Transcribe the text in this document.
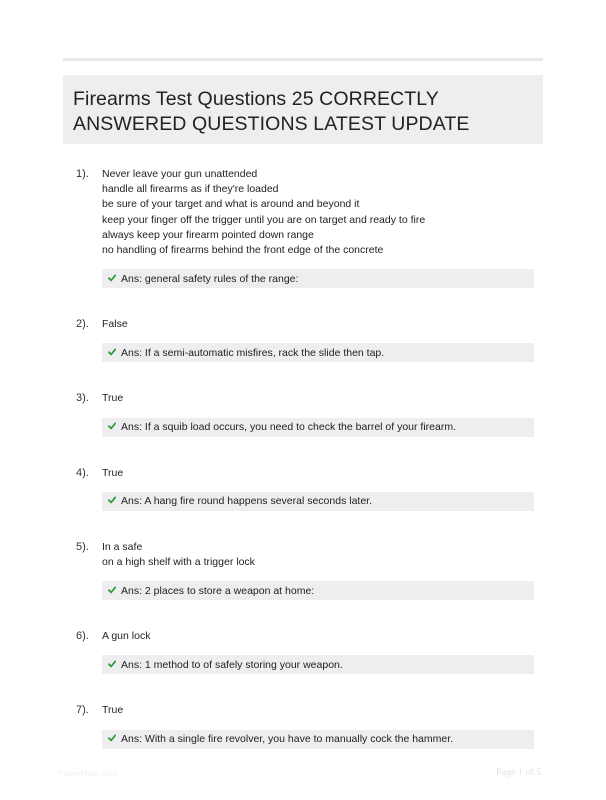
Firearms Test Questions 25 CORRECTLY
ANSWERED QUESTIONS LATEST UPDATE
1). Never leave your gun unattended
handle all firearms as if they're loaded
be sure of your target and what is around and beyond it
keep your finger off the trigger until you are on target and ready to fire
always keep your firearm pointed down range
no handling of firearms behind the front edge of the concrete
Ans: general safety rules of the range:
2). False
Ans: If a semi-automatic misfires, rack the slide then tap.
3). True
Ans: If a squib load occurs, you need to check the barrel of your firearm.
4). True
Ans: A hang fire round happens several seconds later.
5). In a safe
on a high shelf with a trigger lock
Ans: 2 places to store a weapon at home:
6). A gun lock
Ans: 1 method to of safely storing your weapon.
7). True
Ans: With a single fire revolver, you have to manually cock the hammer.
PaperMate.com	Page 1 of 5
